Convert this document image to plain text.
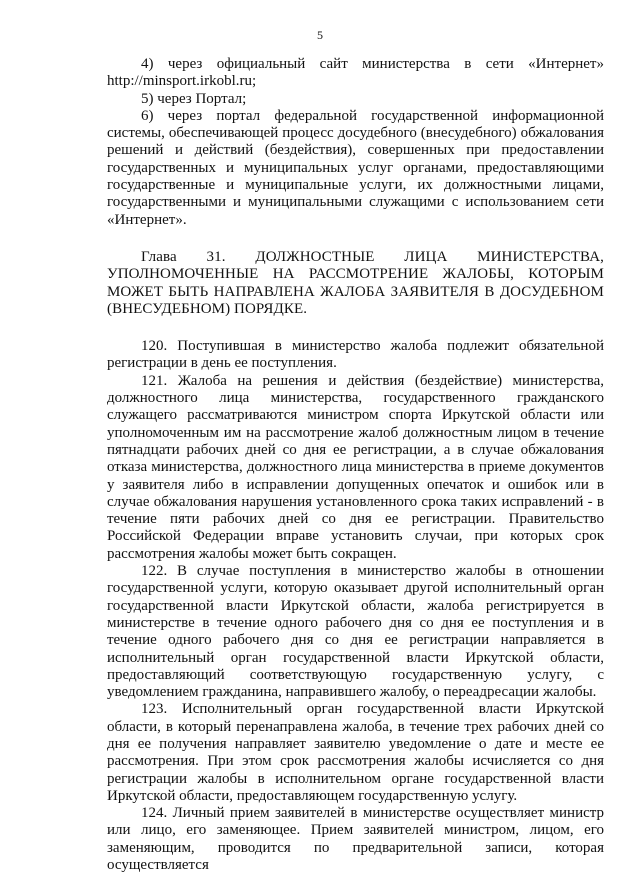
5

4) через официальный сайт министерства в сети «Интернет» http://minsport.irkobl.ru;

5) через Портал;

6) через портал федеральной государственной информационной системы, обеспечивающей процесс досудебного (внесудебного) обжалования решений и действий (бездействия), совершенных при предоставлении государственных и муниципальных услуг органами, предоставляющими государственные и муниципальные услуги, их должностными лицами, государственными и муниципальными служащими с использованием сети «Интернет».

Глава 31. ДОЛЖНОСТНЫЕ ЛИЦА МИНИСТЕРСТВА, УПОЛНОМОЧЕННЫЕ НА РАССМОТРЕНИЕ ЖАЛОБЫ, КОТОРЫМ МОЖЕТ БЫТЬ НАПРАВЛЕНА ЖАЛОБА ЗАЯВИТЕЛЯ В ДОСУДЕБНОМ (ВНЕСУДЕБНОМ) ПОРЯДКЕ.

120. Поступившая в министерство жалоба подлежит обязательной регистрации в день ее поступления.

121. Жалоба на решения и действия (бездействие) министерства, должностного лица министерства, государственного гражданского служащего рассматриваются министром спорта Иркутской области или уполномоченным им на рассмотрение жалоб должностным лицом в течение пятнадцати рабочих дней со дня ее регистрации, а в случае обжалования отказа министерства, должностного лица министерства в приеме документов у заявителя либо в исправлении допущенных опечаток и ошибок или в случае обжалования нарушения установленного срока таких исправлений - в течение пяти рабочих дней со дня ее регистрации. Правительство Российской Федерации вправе установить случаи, при которых срок рассмотрения жалобы может быть сокращен.

122. В случае поступления в министерство жалобы в отношении государственной услуги, которую оказывает другой исполнительный орган государственной власти Иркутской области, жалоба регистрируется в министерстве в течение одного рабочего дня со дня ее поступления и в течение одного рабочего дня со дня ее регистрации направляется в исполнительный орган государственной власти Иркутской области, предоставляющий соответствующую государственную услугу, с уведомлением гражданина, направившего жалобу, о переадресации жалобы.

123. Исполнительный орган государственной власти Иркутской области, в который перенаправлена жалоба, в течение трех рабочих дней со дня ее получения направляет заявителю уведомление о дате и месте ее рассмотрения. При этом срок рассмотрения жалобы исчисляется со дня регистрации жалобы в исполнительном органе государственной власти Иркутской области, предоставляющем государственную услугу.

124. Личный прием заявителей в министерстве осуществляет министр или лицо, его заменяющее. Прием заявителей министром, лицом, его заменяющим, проводится по предварительной записи, которая осуществляется
